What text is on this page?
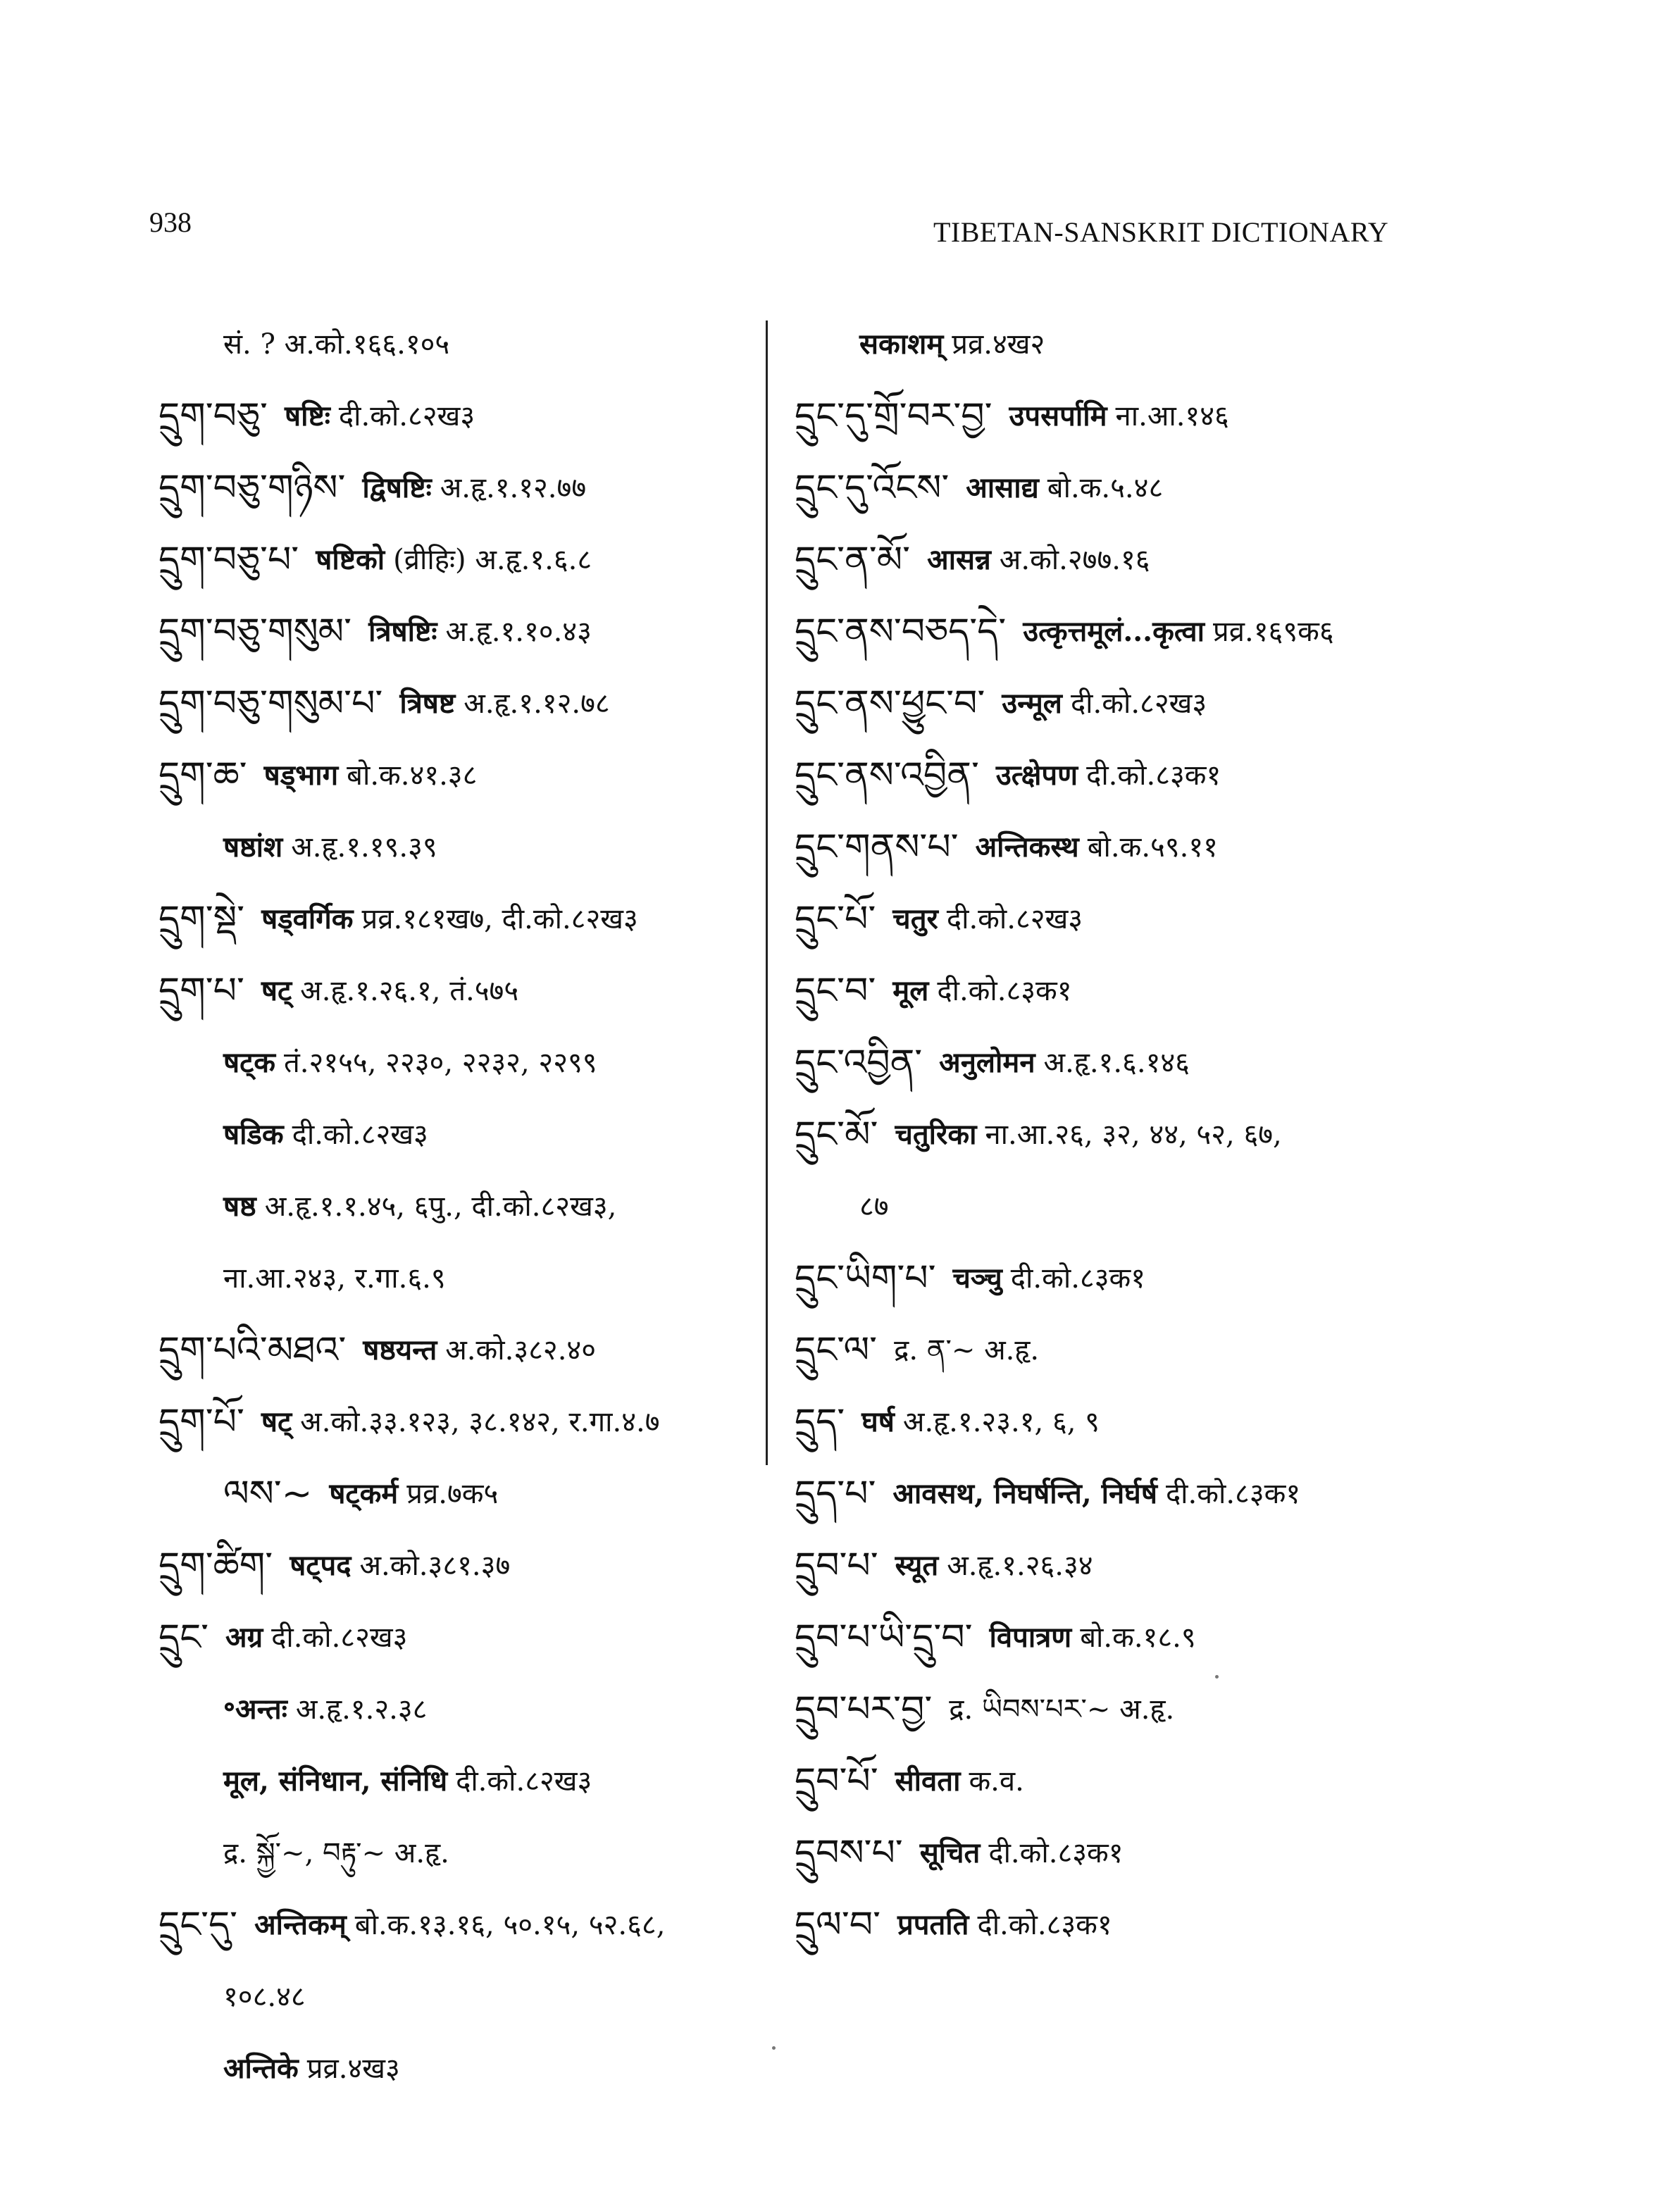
938	TIBETAN-SANSKRIT DICTIONARY
सं. ? अ.को.१६६.१०५
དྲུག་བཅུ་ षष्टिः दी.को.८२ख३
དྲུག་བཅུ་གཉིས་ द्विषष्टिः अ.हृ.१.१२.७७
དྲུག་བཅུ་པ་ षष्टिको (व्रीहिः) अ.हृ.१.६.८
དྲུག་བཅུ་གསུམ་ त्रिषष्टिः अ.हृ.१.१०.४३
དྲུག་བཅུ་གསུམ་པ་ त्रिषष्ट अ.हृ.१.१२.७८
དྲུག་ཆ་ षड्भाग बो.क.४१.३८
षष्ठांश अ.हृ.१.१९.३९
དྲུག་སྡེ་ षड्वर्गिक प्रव्र.१८१ख७, दी.को.८२ख३
དྲུག་པ་ षट् अ.हृ.१.२६.१, तं.५७५
षट्क तं.२१५५, २२३०, २२३२, २२९९
षडिक दी.को.८२ख३
षष्ठ अ.हृ.१.१.४५, ६पु., दी.को.८२ख३,
ना.आ.२४३, र.गा.६.९
དྲུག་པའི་མཐའ་ षष्ठयन्त अ.को.३८२.४०
དྲུག་པོ་ षट् अ.को.३३.१२३, ३८.१४२, र.गा.४.७
ལས་~ षट्कर्म प्रव्र.७क५
དྲུག་ཚིག་ षट्पद अ.को.३८१.३७
དྲུང་ अग्र दी.को.८२ख३
॰अन्तः अ.हृ.१.२.३८
मूल, संनिधान, संनिधि दी.को.८२ख३
द्र. སྐྱོ་~, བརྟུ་~ अ.हृ.
དྲུང་དུ་ अन्तिकम् बो.क.१३.१६, ५०.१५, ५२.६८,
१०८.४८
अन्तिके प्रव्र.४ख३
सकाशम् प्रव्र.४ख२
དྲུང་དུ་གྲོ་བར་བྱ་ उपसर्पामि ना.आ.१४६
དྲུང་དུ་འོངས་ आसाद्य बो.क.५.४८
དྲུང་ན་མོ་ आसन्न अ.को.२७७.१६
དྲུང་ནས་བཅད་དེ་ उत्कृत्तमूलं...कृत्वा प्रव्र.१६९क६
དྲུང་ནས་ཕྱུང་བ་ उन्मूल दी.को.८२ख३
དྲུང་ནས་འབྱིན་ उत्क्षेपण दी.को.८३क१
དྲུང་གནས་པ་ अन्तिकस्थ बो.क.५९.११
དྲུང་པོ་ चतुर दी.को.८२ख३
དྲུང་བ་ मूल दी.को.८३क१
དྲུང་འབྱིན་ अनुलोमन अ.हृ.१.६.१४६
དྲུང་མོ་ चतुरिका ना.आ.२६, ३२, ४४, ५२, ६७,
८७
དྲུང་ཡིག་པ་ चञ्चु दी.को.८३क१
དྲུང་ལ་ द्र. ན་~ अ.हृ.
དྲུད་ घर्ष अ.हृ.१.२३.१, ६, ९
དྲུད་པ་ आवसथ, निघर्षन्ति, निर्घर्ष दी.को.८३क१
དྲུབ་པ་ स्यूत अ.हृ.१.२६.३४
དྲུབ་པ་ཡི་དྲུ་བ་ विपात्रण बो.क.१८.९
དྲུབ་པར་བྱ་ द्र. ཡིབས་པར་~ अ.हृ.
དྲུབ་པོ་ सीवता क.व.
དྲུབས་པ་ सूचित दी.को.८३क१
དྲུལ་བ་ प्रपतति दी.को.८३क१
